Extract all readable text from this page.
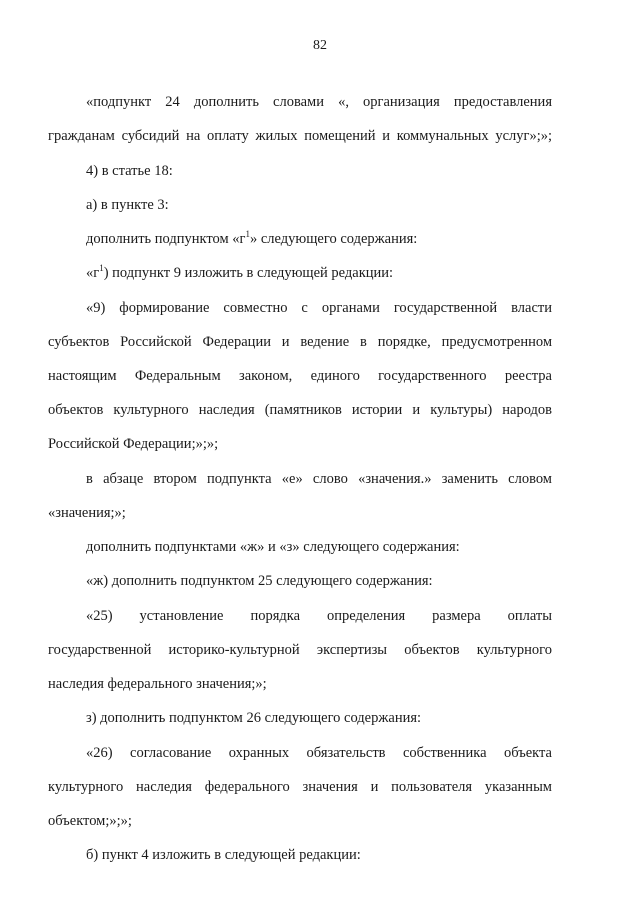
82
«подпункт 24 дополнить словами «, организация предоставления
гражданам субсидий на оплату жилых помещений и коммунальных услуг»;»;
4) в статье 18:
а) в пункте 3:
дополнить подпунктом «$г^1$» следующего содержания:
«$г^1$) подпункт 9 изложить в следующей редакции:
«9) формирование совместно с органами государственной власти
субъектов Российской Федерации и ведение в порядке, предусмотренном
настоящим Федеральным законом, единого государственного реестра
объектов культурного наследия (памятников истории и культуры) народов
Российской Федерации;»;»;
в абзаце втором подпункта «е» слово «значения.» заменить словом
«значения;»;
дополнить подпунктами «ж» и «з» следующего содержания:
«ж) дополнить подпунктом 25 следующего содержания:
«25) установление порядка определения размера оплаты
государственной историко-культурной экспертизы объектов культурного
наследия федерального значения;»;
з) дополнить подпунктом 26 следующего содержания:
«26) согласование охранных обязательств собственника объекта
культурного наследия федерального значения и пользователя указанным
объектом;»;»;
б) пункт 4 изложить в следующей редакции:
